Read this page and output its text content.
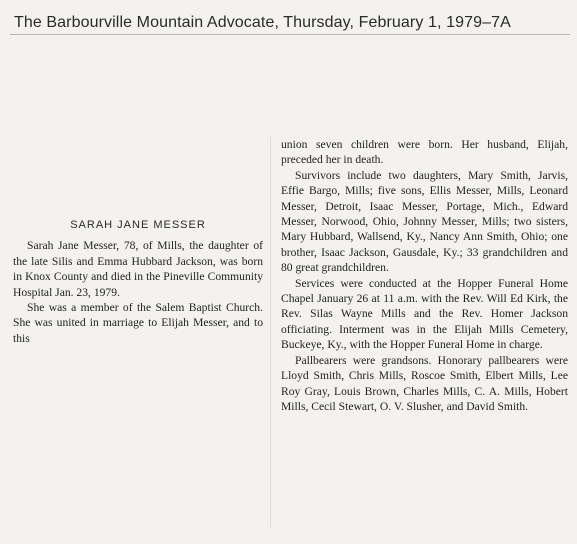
The Barbourville Mountain Advocate, Thursday, February 1, 1979–7A
SARAH JANE MESSER

Sarah Jane Messer, 78, of Mills, the daughter of the late Silis and Emma Hubbard Jackson, was born in Knox County and died in the Pineville Community Hospital Jan. 23, 1979.

She was a member of the Salem Baptist Church. She was united in marriage to Elijah Messer, and to this

union seven children were born. Her husband, Elijah, preceded her in death.

Survivors include two daughters, Mary Smith, Jarvis, Effie Bargo, Mills; five sons, Ellis Messer, Mills, Leonard Messer, Detroit, Isaac Messer, Portage, Mich., Edward Messer, Norwood, Ohio, Johnny Messer, Mills; two sisters, Mary Hubbard, Wallsend, Ky., Nancy Ann Smith, Ohio; one brother, Isaac Jackson, Gausdale, Ky.; 33 grandchildren and 80 great grandchildren.

Services were conducted at the Hopper Funeral Home Chapel January 26 at 11 a.m. with the Rev. Will Ed Kirk, the Rev. Silas Wayne Mills and the Rev. Homer Jackson officiating. Interment was in the Elijah Mills Cemetery, Buckeye, Ky., with the Hopper Funeral Home in charge.

Pallbearers were grandsons. Honorary pallbearers were Lloyd Smith, Chris Mills, Roscoe Smith, Elbert Mills, Lee Roy Gray, Louis Brown, Charles Mills, C. A. Mills, Hobert Mills, Cecil Stewart, O. V. Slusher, and David Smith.
